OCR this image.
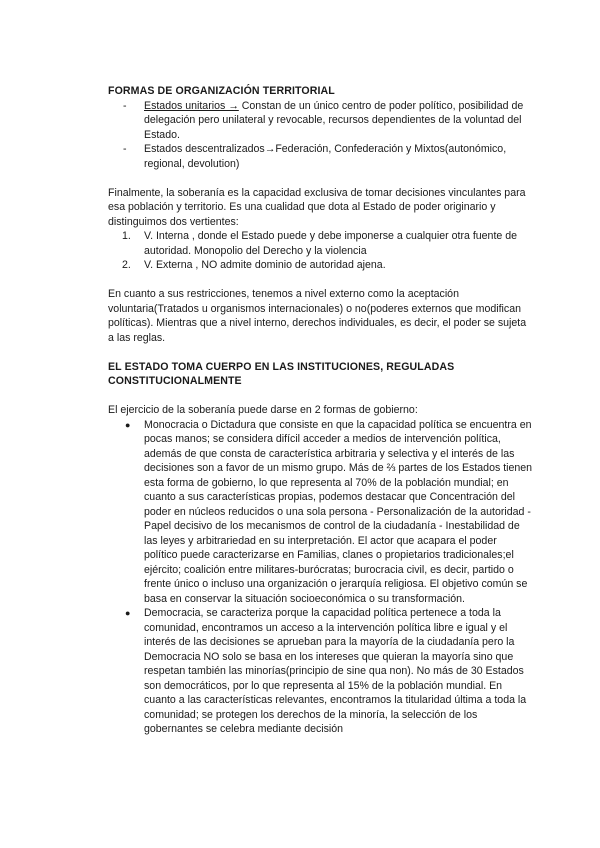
FORMAS DE ORGANIZACIÓN TERRITORIAL

- Estados unitarios → Constan de un único centro de poder político, posibilidad de delegación pero unilateral y revocable, recursos dependientes de la voluntad del Estado.
- Estados descentralizados→Federación, Confederación y Mixtos(autonómico, regional, devolution)

Finalmente, la soberanía es la capacidad exclusiva de tomar decisiones vinculantes para esa población y territorio. Es una cualidad que dota al Estado de poder originario y distinguimos dos vertientes:

1. V. Interna , donde el Estado puede y debe imponerse a cualquier otra fuente de autoridad. Monopolio del Derecho y la violencia
2. V. Externa , NO admite dominio de autoridad ajena.

En cuanto a sus restricciones, tenemos a nivel externo como la aceptación voluntaria(Tratados u organismos internacionales) o no(poderes externos que modifican políticas). Mientras que a nivel interno, derechos individuales, es decir, el poder se sujeta a las reglas.

EL ESTADO TOMA CUERPO EN LAS INSTITUCIONES, REGULADAS CONSTITUCIONALMENTE

El ejercicio de la soberanía puede darse en 2 formas de gobierno:

● Monocracia o Dictadura que consiste en que la capacidad política se encuentra en pocas manos; se considera difícil acceder a medios de intervención política, además de que consta de característica arbitraria y selectiva y el interés de las decisiones son a favor de un mismo grupo. Más de ⅔ partes de los Estados tienen esta forma de gobierno, lo que representa al 70% de la población mundial; en cuanto a sus características propias, podemos destacar que Concentración del poder en núcleos reducidos o una sola persona - Personalización de la autoridad - Papel decisivo de los mecanismos de control de la ciudadanía - Inestabilidad de las leyes y arbitrariedad en su interpretación. El actor que acapara el poder político puede caracterizarse en Familias, clanes o propietarios tradicionales;el ejército; coalición entre militares-burócratas; burocracia civil, es decir, partido o frente único o incluso una organización o jerarquía religiosa. El objetivo común se basa en conservar la situación socioeconómica o su transformación.
● Democracia, se caracteriza porque la capacidad política pertenece a toda la comunidad, encontramos un acceso a la intervención política libre e igual y el interés de las decisiones se aprueban para la mayoría de la ciudadanía pero la Democracia NO solo se basa en los intereses que quieran la mayoría sino que respetan también las minorías(principio de sine qua non). No más de 30 Estados son democráticos, por lo que representa al 15% de la población mundial. En cuanto a las características relevantes, encontramos la titularidad última a toda la comunidad; se protegen los derechos de la minoría, la selección de los gobernantes se celebra mediante decisión
